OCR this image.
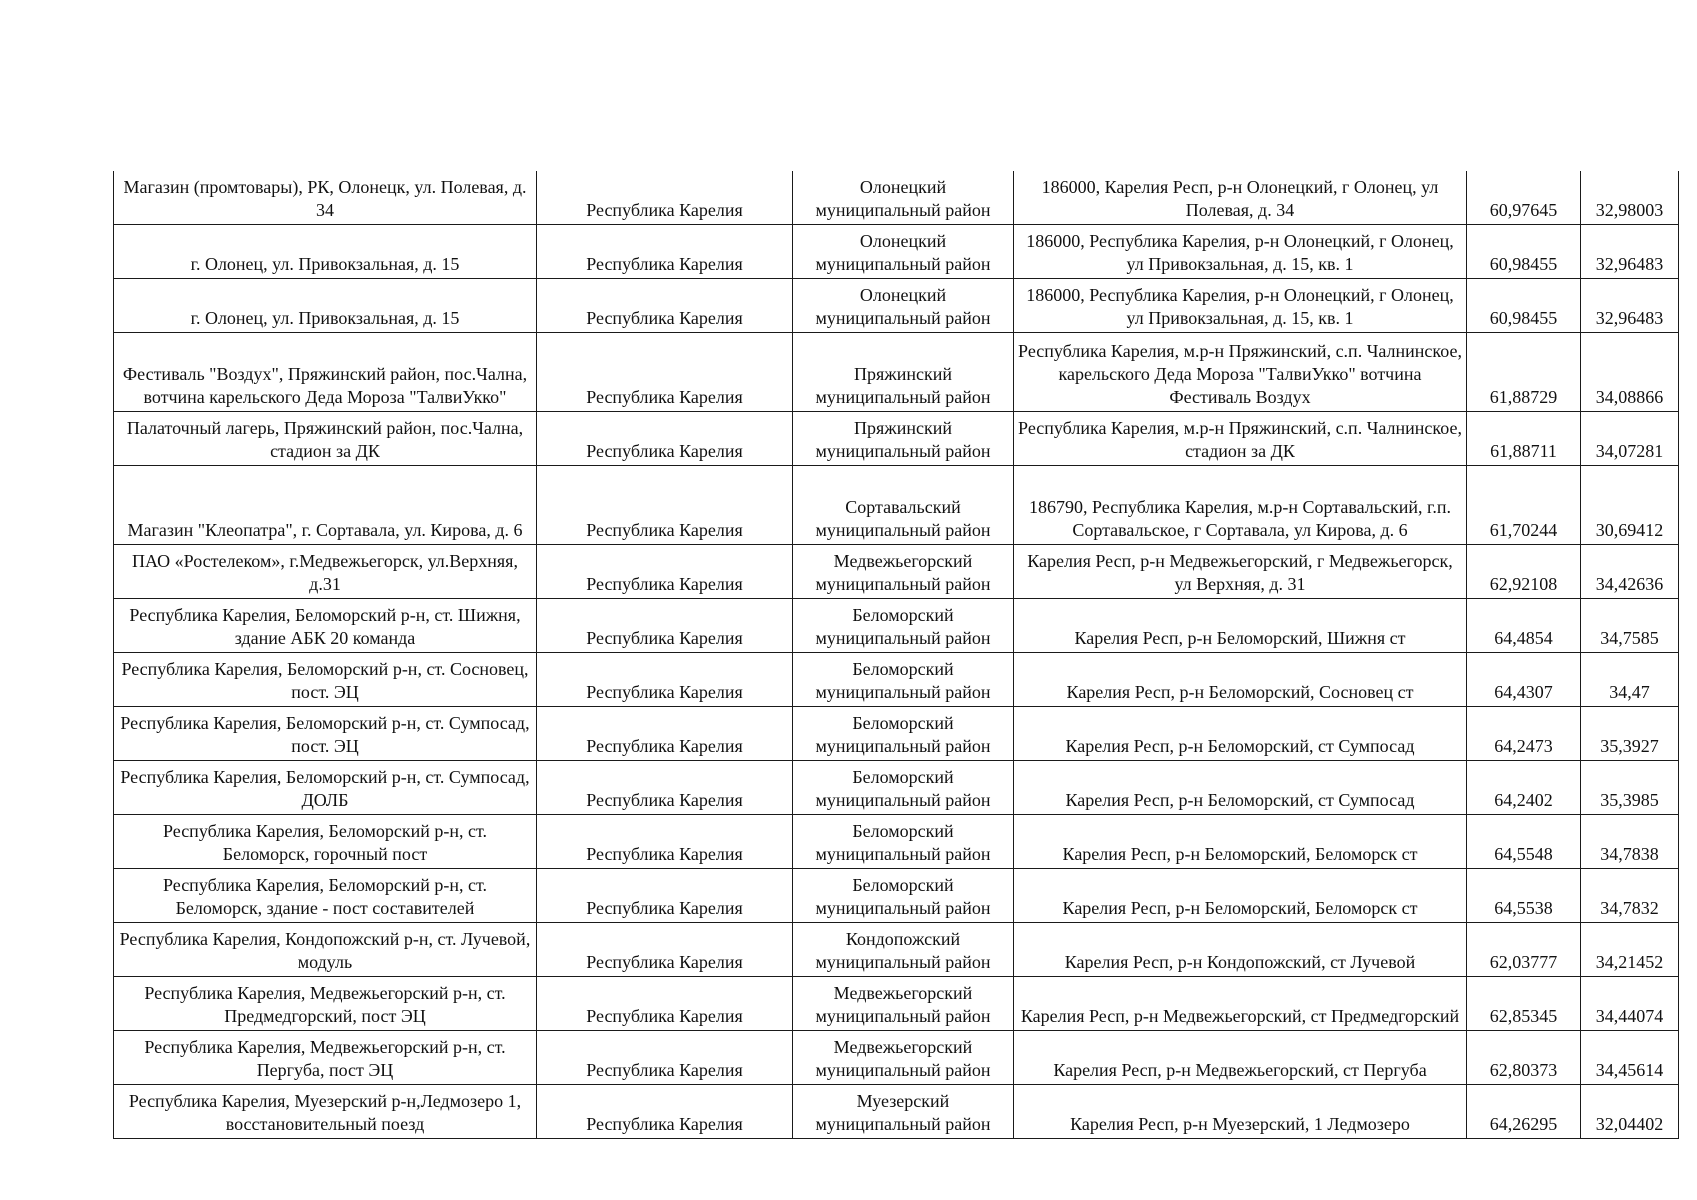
Магазин (промтовары), РК, Олонецк, ул. Полевая, д. 34	Республика Карелия	Олонецкий муниципальный район	186000, Карелия Респ, р-н Олонецкий, г Олонец, ул Полевая, д. 34	60,97645	32,98003
г. Олонец, ул. Привокзальная, д. 15	Республика Карелия	Олонецкий муниципальный район	186000, Республика Карелия, р-н Олонецкий, г Олонец, ул Привокзальная, д. 15, кв. 1	60,98455	32,96483
г. Олонец, ул. Привокзальная, д. 15	Республика Карелия	Олонецкий муниципальный район	186000, Республика Карелия, р-н Олонецкий, г Олонец, ул Привокзальная, д. 15, кв. 1	60,98455	32,96483
Фестиваль "Воздух", Пряжинский район, пос.Чална, вотчина карельского Деда Мороза "ТалвиУкко"	Республика Карелия	Пряжинский муниципальный район	Республика Карелия, м.р-н Пряжинский, с.п. Чалнинское, карельского Деда Мороза "ТалвиУкко" вотчина Фестиваль Воздух	61,88729	34,08866
Палаточный лагерь, Пряжинский район, пос.Чална, стадион за ДК	Республика Карелия	Пряжинский муниципальный район	Республика Карелия, м.р-н Пряжинский, с.п. Чалнинское, стадион за ДК	61,88711	34,07281
Магазин "Клеопатра", г. Сортавала, ул. Кирова, д. 6	Республика Карелия	Сортавальский муниципальный район	186790, Республика Карелия, м.р-н Сортавальский, г.п. Сортавальское, г Сортавала, ул Кирова, д. 6	61,70244	30,69412
ПАО «Ростелеком», г.Медвежьегорск, ул.Верхняя, д.31	Республика Карелия	Медвежьегорский муниципальный район	Карелия Респ, р-н Медвежьегорский, г Медвежьегорск, ул Верхняя, д. 31	62,92108	34,42636
Республика Карелия, Беломорский р-н, ст. Шижня, здание АБК 20 команда	Республика Карелия	Беломорский муниципальный район	Карелия Респ, р-н Беломорский, Шижня ст	64,4854	34,7585
Республика Карелия, Беломорский р-н, ст. Сосновец, пост. ЭЦ	Республика Карелия	Беломорский муниципальный район	Карелия Респ, р-н Беломорский, Сосновец ст	64,4307	34,47
Республика Карелия, Беломорский р-н, ст. Сумпосад, пост. ЭЦ	Республика Карелия	Беломорский муниципальный район	Карелия Респ, р-н Беломорский, ст Сумпосад	64,2473	35,3927
Республика Карелия, Беломорский р-н, ст. Сумпосад, ДОЛБ	Республика Карелия	Беломорский муниципальный район	Карелия Респ, р-н Беломорский, ст Сумпосад	64,2402	35,3985
Республика Карелия, Беломорский р-н, ст. Беломорск, горочный пост	Республика Карелия	Беломорский муниципальный район	Карелия Респ, р-н Беломорский, Беломорск ст	64,5548	34,7838
Республика Карелия, Беломорский р-н, ст. Беломорск, здание - пост составителей	Республика Карелия	Беломорский муниципальный район	Карелия Респ, р-н Беломорский, Беломорск ст	64,5538	34,7832
Республика Карелия, Кондопожский р-н, ст. Лучевой, модуль	Республика Карелия	Кондопожский муниципальный район	Карелия Респ, р-н Кондопожский, ст Лучевой	62,03777	34,21452
Республика Карелия, Медвежьегорский р-н, ст. Предмедгорский, пост ЭЦ	Республика Карелия	Медвежьегорский муниципальный район	Карелия Респ, р-н Медвежьегорский, ст Предмедгорский	62,85345	34,44074
Республика Карелия, Медвежьегорский р-н, ст. Пергуба, пост ЭЦ	Республика Карелия	Медвежьегорский муниципальный район	Карелия Респ, р-н Медвежьегорский, ст Пергуба	62,80373	34,45614
Республика Карелия, Муезерский р-н,Ледмозеро 1, восстановительный поезд	Республика Карелия	Муезерский муниципальный район	Карелия Респ, р-н Муезерский, 1 Ледмозеро	64,26295	32,04402
